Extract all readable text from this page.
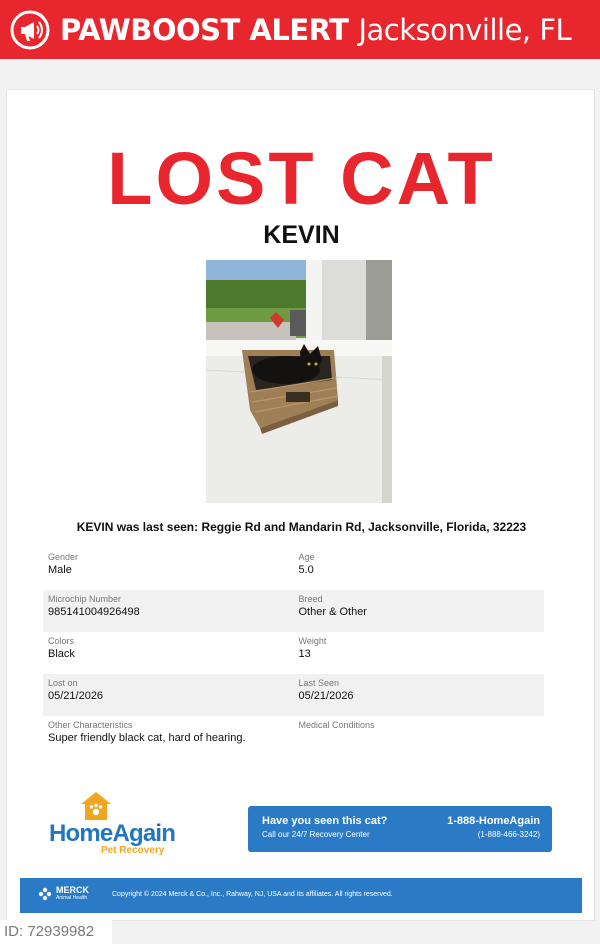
PAWBOOST ALERT Jacksonville, FL
LOST CAT
KEVIN
KEVIN was last seen: Reggie Rd and Mandarin Rd, Jacksonville, Florida, 32223
Gender
Male
Age
5.0
Microchip Number
985141004926498
Breed
Other & Other
Colors
Black
Weight
13
Lost on
05/21/2026
Last Seen
05/21/2026
Other Characteristics
Super friendly black cat, hard of hearing.
Medical Conditions
HomeAgain
Pet Recovery
Have you seen this cat?
Call our 24/7 Recovery Center
1-888-HomeAgain
(1-888-466-3242)
MERCK
Animal Health	Copyright © 2024 Merck & Co., Inc., Rahway, NJ, USA and its affiliates. All rights reserved.
ID: 72939982
